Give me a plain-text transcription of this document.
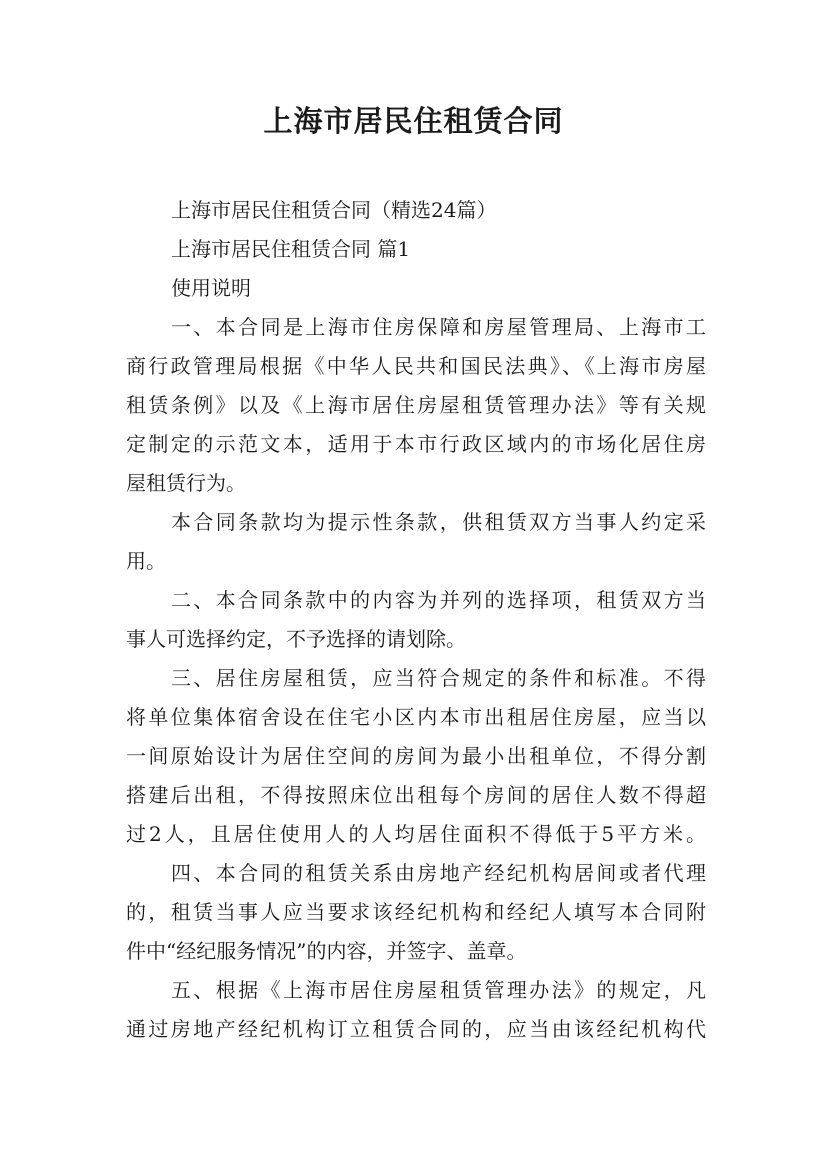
上海市居民住租赁合同

上海市居民住租赁合同（精选24篇）

上海市居民住租赁合同 篇1

使用说明

一、本合同是上海市住房保障和房屋管理局、上海市工

商行政管理局根据《中华人民共和国民法典》、《上海市房屋

租赁条例》以及《上海市居住房屋租赁管理办法》等有关规

定制定的示范文本，适用于本市行政区域内的市场化居住房

屋租赁行为。

本合同条款均为提示性条款，供租赁双方当事人约定采

用。

二、本合同条款中的内容为并列的选择项，租赁双方当

事人可选择约定，不予选择的请划除。

三、居住房屋租赁，应当符合规定的条件和标准。不得

将单位集体宿舍设在住宅小区内本市出租居住房屋，应当以

一间原始设计为居住空间的房间为最小出租单位，不得分割

搭建后出租，不得按照床位出租每个房间的居住人数不得超

过2人，且居住使用人的人均居住面积不得低于5平方米。

四、本合同的租赁关系由房地产经纪机构居间或者代理

的，租赁当事人应当要求该经纪机构和经纪人填写本合同附

件中“经纪服务情况”的内容，并签字、盖章。

五、根据《上海市居住房屋租赁管理办法》的规定，凡

通过房地产经纪机构订立租赁合同的，应当由该经纪机构代
